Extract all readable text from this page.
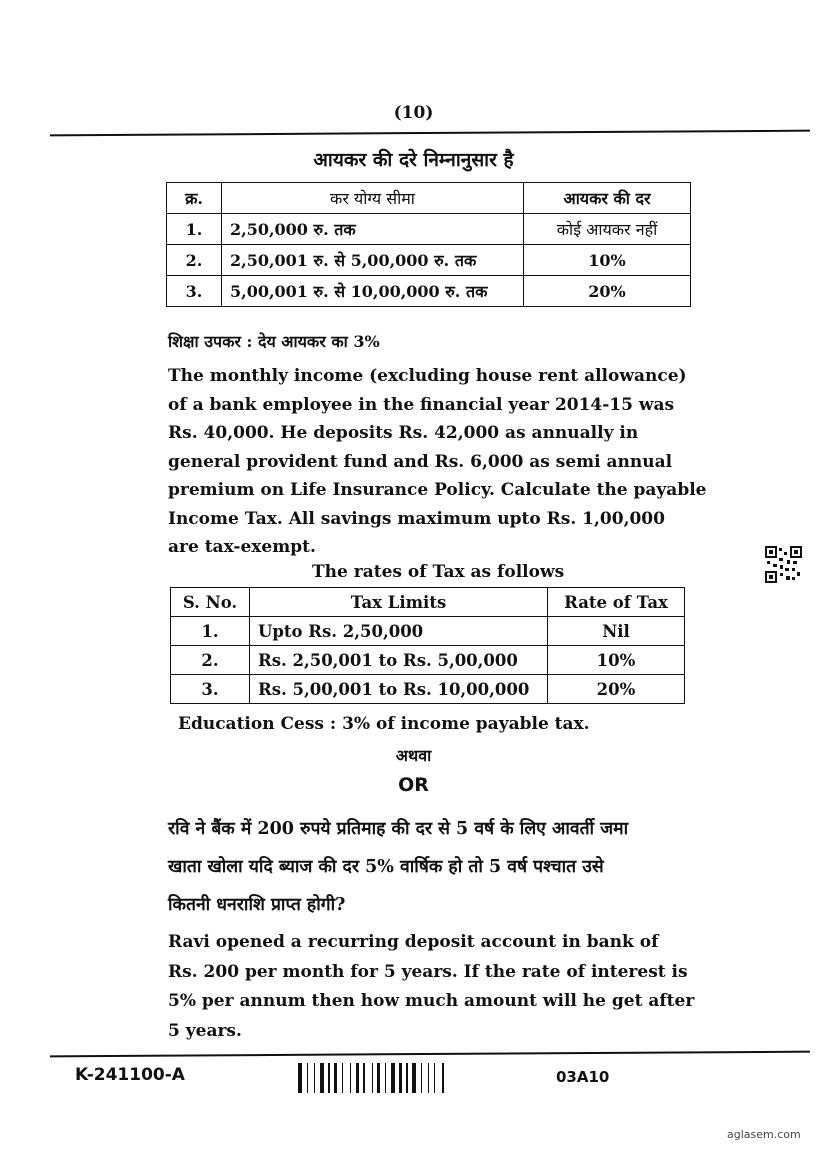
(10)
आयकर की दरे निम्नानुसार है
क्र.	कर योग्य सीमा	आयकर की दर
1.	2,50,000 रु. तक	कोई आयकर नहीं
2.	2,50,001 रु. से 5,00,000 रु. तक	10%
3.	5,00,001 रु. से 10,00,000 रु. तक	20%
शिक्षा उपकर : देय आयकर का 3%

The monthly income (excluding house rent allowance)

of a bank employee in the financial year 2014-15 was

Rs. 40,000. He deposits Rs. 42,000 as annually in

general provident fund and Rs. 6,000 as semi annual

premium on Life Insurance Policy. Calculate the payable

Income Tax. All savings maximum upto Rs. 1,00,000

are tax-exempt.

The rates of Tax as follows
S. No.	Tax Limits	Rate of Tax
1.	Upto Rs. 2,50,000	Nil
2.	Rs. 2,50,001 to Rs. 5,00,000	10%
3.	Rs. 5,00,001 to Rs. 10,00,000	20%
Education Cess : 3% of income payable tax.
अथवा
OR

रवि ने बैंक में 200 रुपये प्रतिमाह की दर से 5 वर्ष के लिए आवर्ती जमा

खाता खोला यदि ब्याज की दर 5% वार्षिक हो तो 5 वर्ष पश्चात उसे

कितनी धनराशि प्राप्त होगी?

Ravi opened a recurring deposit account in bank of

Rs. 200 per month for 5 years. If the rate of interest is

5% per annum then how much amount will he get after

5 years.

K-241100-A	03A10
aglasem.com
